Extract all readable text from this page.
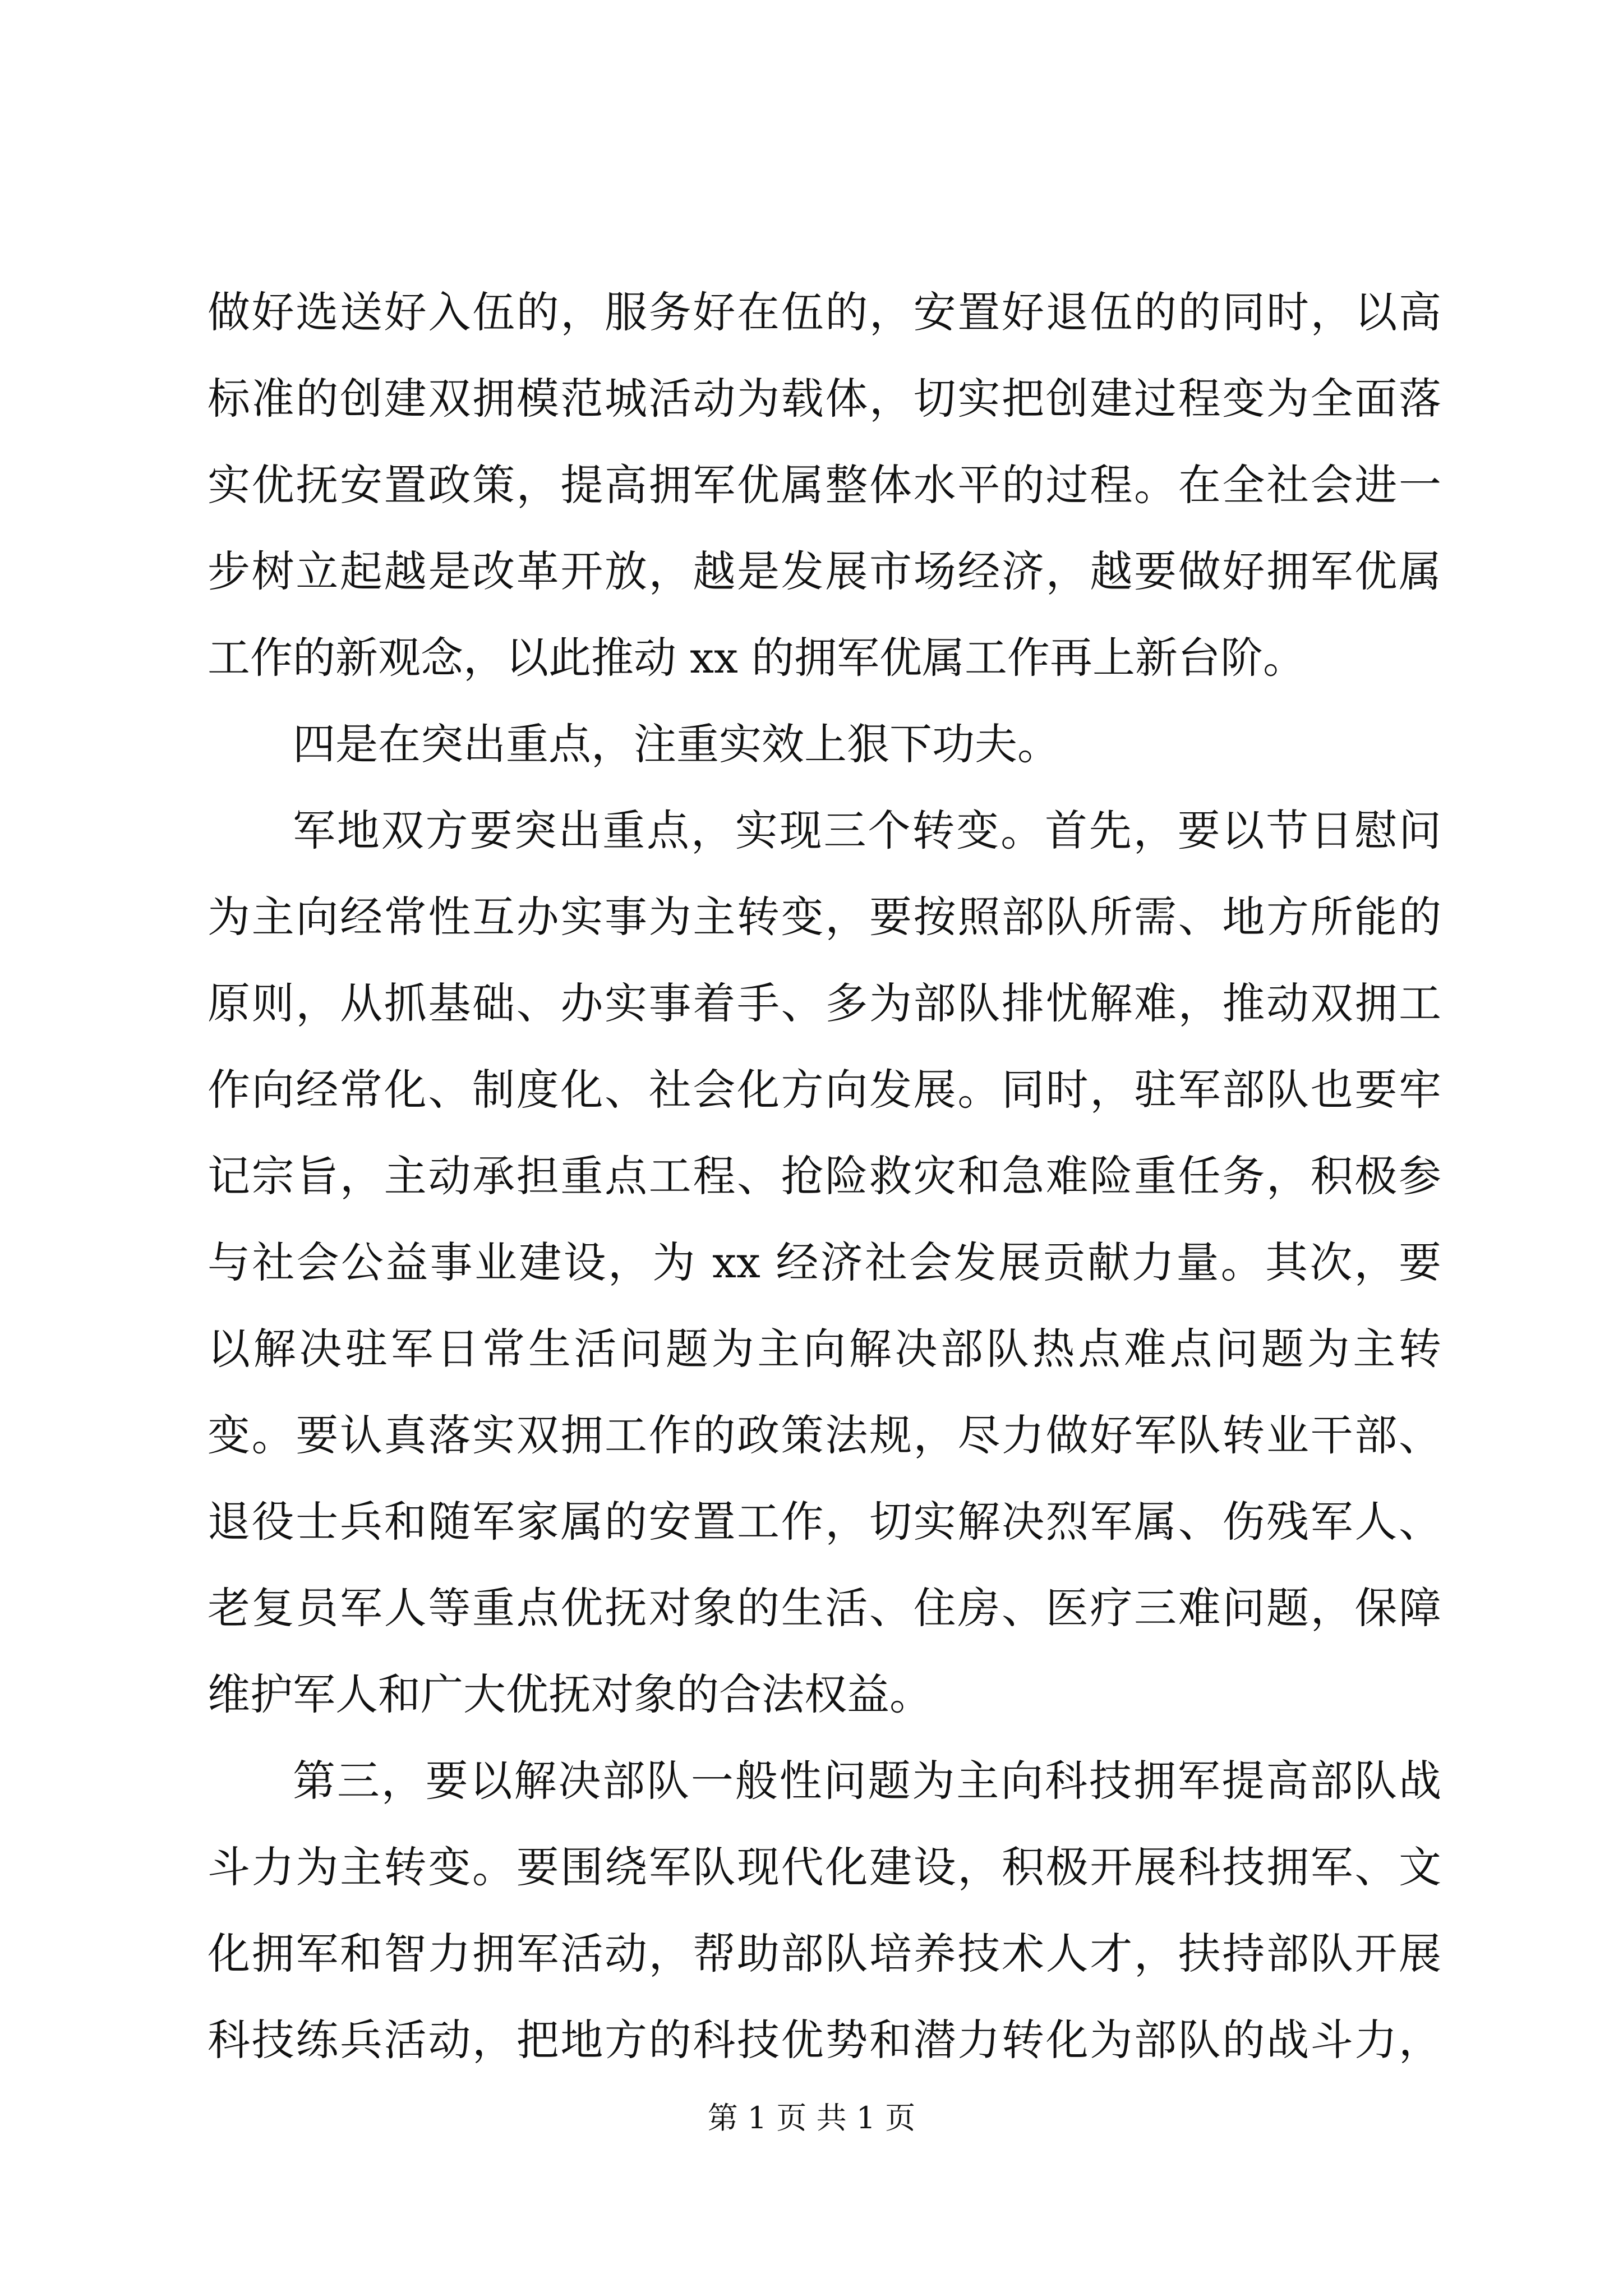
做好选送好入伍的，服务好在伍的，安置好退伍的的同时，以高
标准的创建双拥模范城活动为载体，切实把创建过程变为全面落
实优抚安置政策，提高拥军优属整体水平的过程。在全社会进一
步树立起越是改革开放，越是发展市场经济，越要做好拥军优属
工作的新观念，以此推动 xx 的拥军优属工作再上新台阶。
四是在突出重点，注重实效上狠下功夫。
军地双方要突出重点，实现三个转变。首先，要以节日慰问
为主向经常性互办实事为主转变，要按照部队所需、地方所能的
原则，从抓基础、办实事着手、多为部队排忧解难，推动双拥工
作向经常化、制度化、社会化方向发展。同时，驻军部队也要牢
记宗旨，主动承担重点工程、抢险救灾和急难险重任务，积极参
与社会公益事业建设，为 xx 经济社会发展贡献力量。其次，要
以解决驻军日常生活问题为主向解决部队热点难点问题为主转
变。要认真落实双拥工作的政策法规，尽力做好军队转业干部、
退役士兵和随军家属的安置工作，切实解决烈军属、伤残军人、
老复员军人等重点优抚对象的生活、住房、医疗三难问题，保障
维护军人和广大优抚对象的合法权益。
第三，要以解决部队一般性问题为主向科技拥军提高部队战
斗力为主转变。要围绕军队现代化建设，积极开展科技拥军、文
化拥军和智力拥军活动，帮助部队培养技术人才，扶持部队开展
科技练兵活动，把地方的科技优势和潜力转化为部队的战斗力，
第 1 页 共 1 页
